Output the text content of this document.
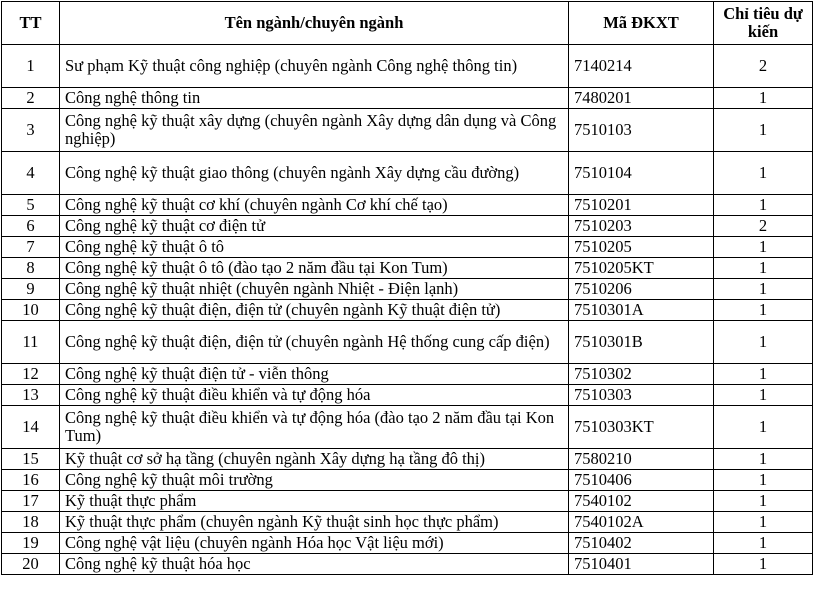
TT	Tên ngành/chuyên ngành	Mã ĐKXT	Chỉ tiêu dự kiến
1	Sư phạm Kỹ thuật công nghiệp (chuyên ngành Công nghệ thông tin)	7140214	2
2	Công nghệ thông tin	7480201	1
3	Công nghệ kỹ thuật xây dựng (chuyên ngành Xây dựng dân dụng và Công nghiệp)	7510103	1
4	Công nghệ kỹ thuật giao thông (chuyên ngành Xây dựng cầu đường)	7510104	1
5	Công nghệ kỹ thuật cơ khí (chuyên ngành Cơ khí chế tạo)	7510201	1
6	Công nghệ kỹ thuật cơ điện tử	7510203	2
7	Công nghệ kỹ thuật ô tô	7510205	1
8	Công nghệ kỹ thuật ô tô (đào tạo 2 năm đầu tại Kon Tum)	7510205KT	1
9	Công nghệ kỹ thuật nhiệt (chuyên ngành Nhiệt - Điện lạnh)	7510206	1
10	Công nghệ kỹ thuật điện, điện tử (chuyên ngành Kỹ thuật điện tử)	7510301A	1
11	Công nghệ kỹ thuật điện, điện tử (chuyên ngành Hệ thống cung cấp điện)	7510301B	1
12	Công nghệ kỹ thuật điện tử - viễn thông	7510302	1
13	Công nghệ kỹ thuật điều khiển và tự động hóa	7510303	1
14	Công nghệ kỹ thuật điều khiển và tự động hóa (đào tạo 2 năm đầu tại Kon Tum)	7510303KT	1
15	Kỹ thuật cơ sở hạ tầng (chuyên ngành Xây dựng hạ tầng đô thị)	7580210	1
16	Công nghệ kỹ thuật môi trường	7510406	1
17	Kỹ thuật thực phẩm	7540102	1
18	Kỹ thuật thực phẩm (chuyên ngành Kỹ thuật sinh học thực phẩm)	7540102A	1
19	Công nghệ vật liệu (chuyên ngành Hóa học Vật liệu mới)	7510402	1
20	Công nghệ kỹ thuật hóa học	7510401	1
